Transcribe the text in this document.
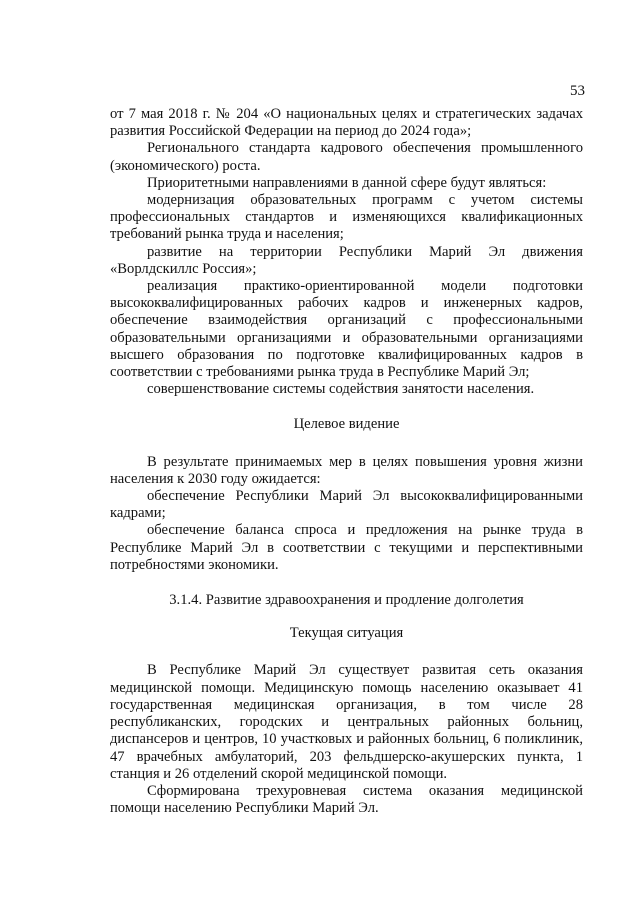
53

от 7 мая 2018 г. № 204 «О национальных целях и стратегических задачах развития Российской Федерации на период до 2024 года»;

Регионального стандарта кадрового обеспечения промышленного (экономического) роста.

Приоритетными направлениями в данной сфере будут являться:

модернизация образовательных программ с учетом системы профессиональных стандартов и изменяющихся квалификационных требований рынка труда и населения;

развитие на территории Республики Марий Эл движения «Ворлдскиллс Россия»;

реализация практико-ориентированной модели подготовки высококвалифицированных рабочих кадров и инженерных кадров, обеспечение взаимодействия организаций с профессиональными образовательными организациями и образовательными организациями высшего образования по подготовке квалифицированных кадров в соответствии с требованиями рынка труда в Республике Марий Эл;

совершенствование системы содействия занятости населения.

Целевое видение

В результате принимаемых мер в целях повышения уровня жизни населения к 2030 году ожидается:

обеспечение Республики Марий Эл высококвалифицированными кадрами;

обеспечение баланса спроса и предложения на рынке труда в Республике Марий Эл в соответствии с текущими и перспективными потребностями экономики.

3.1.4. Развитие здравоохранения и продление долголетия

Текущая ситуация

В Республике Марий Эл существует развитая сеть оказания медицинской помощи. Медицинскую помощь населению оказывает 41 государственная медицинская организация, в том числе 28 республиканских, городских и центральных районных больниц, диспансеров и центров, 10 участковых и районных больниц, 6 поликлиник, 47 врачебных амбулаторий, 203 фельдшерско-акушерских пункта, 1 станция и 26 отделений скорой медицинской помощи.

Сформирована трехуровневая система оказания медицинской помощи населению Республики Марий Эл.
